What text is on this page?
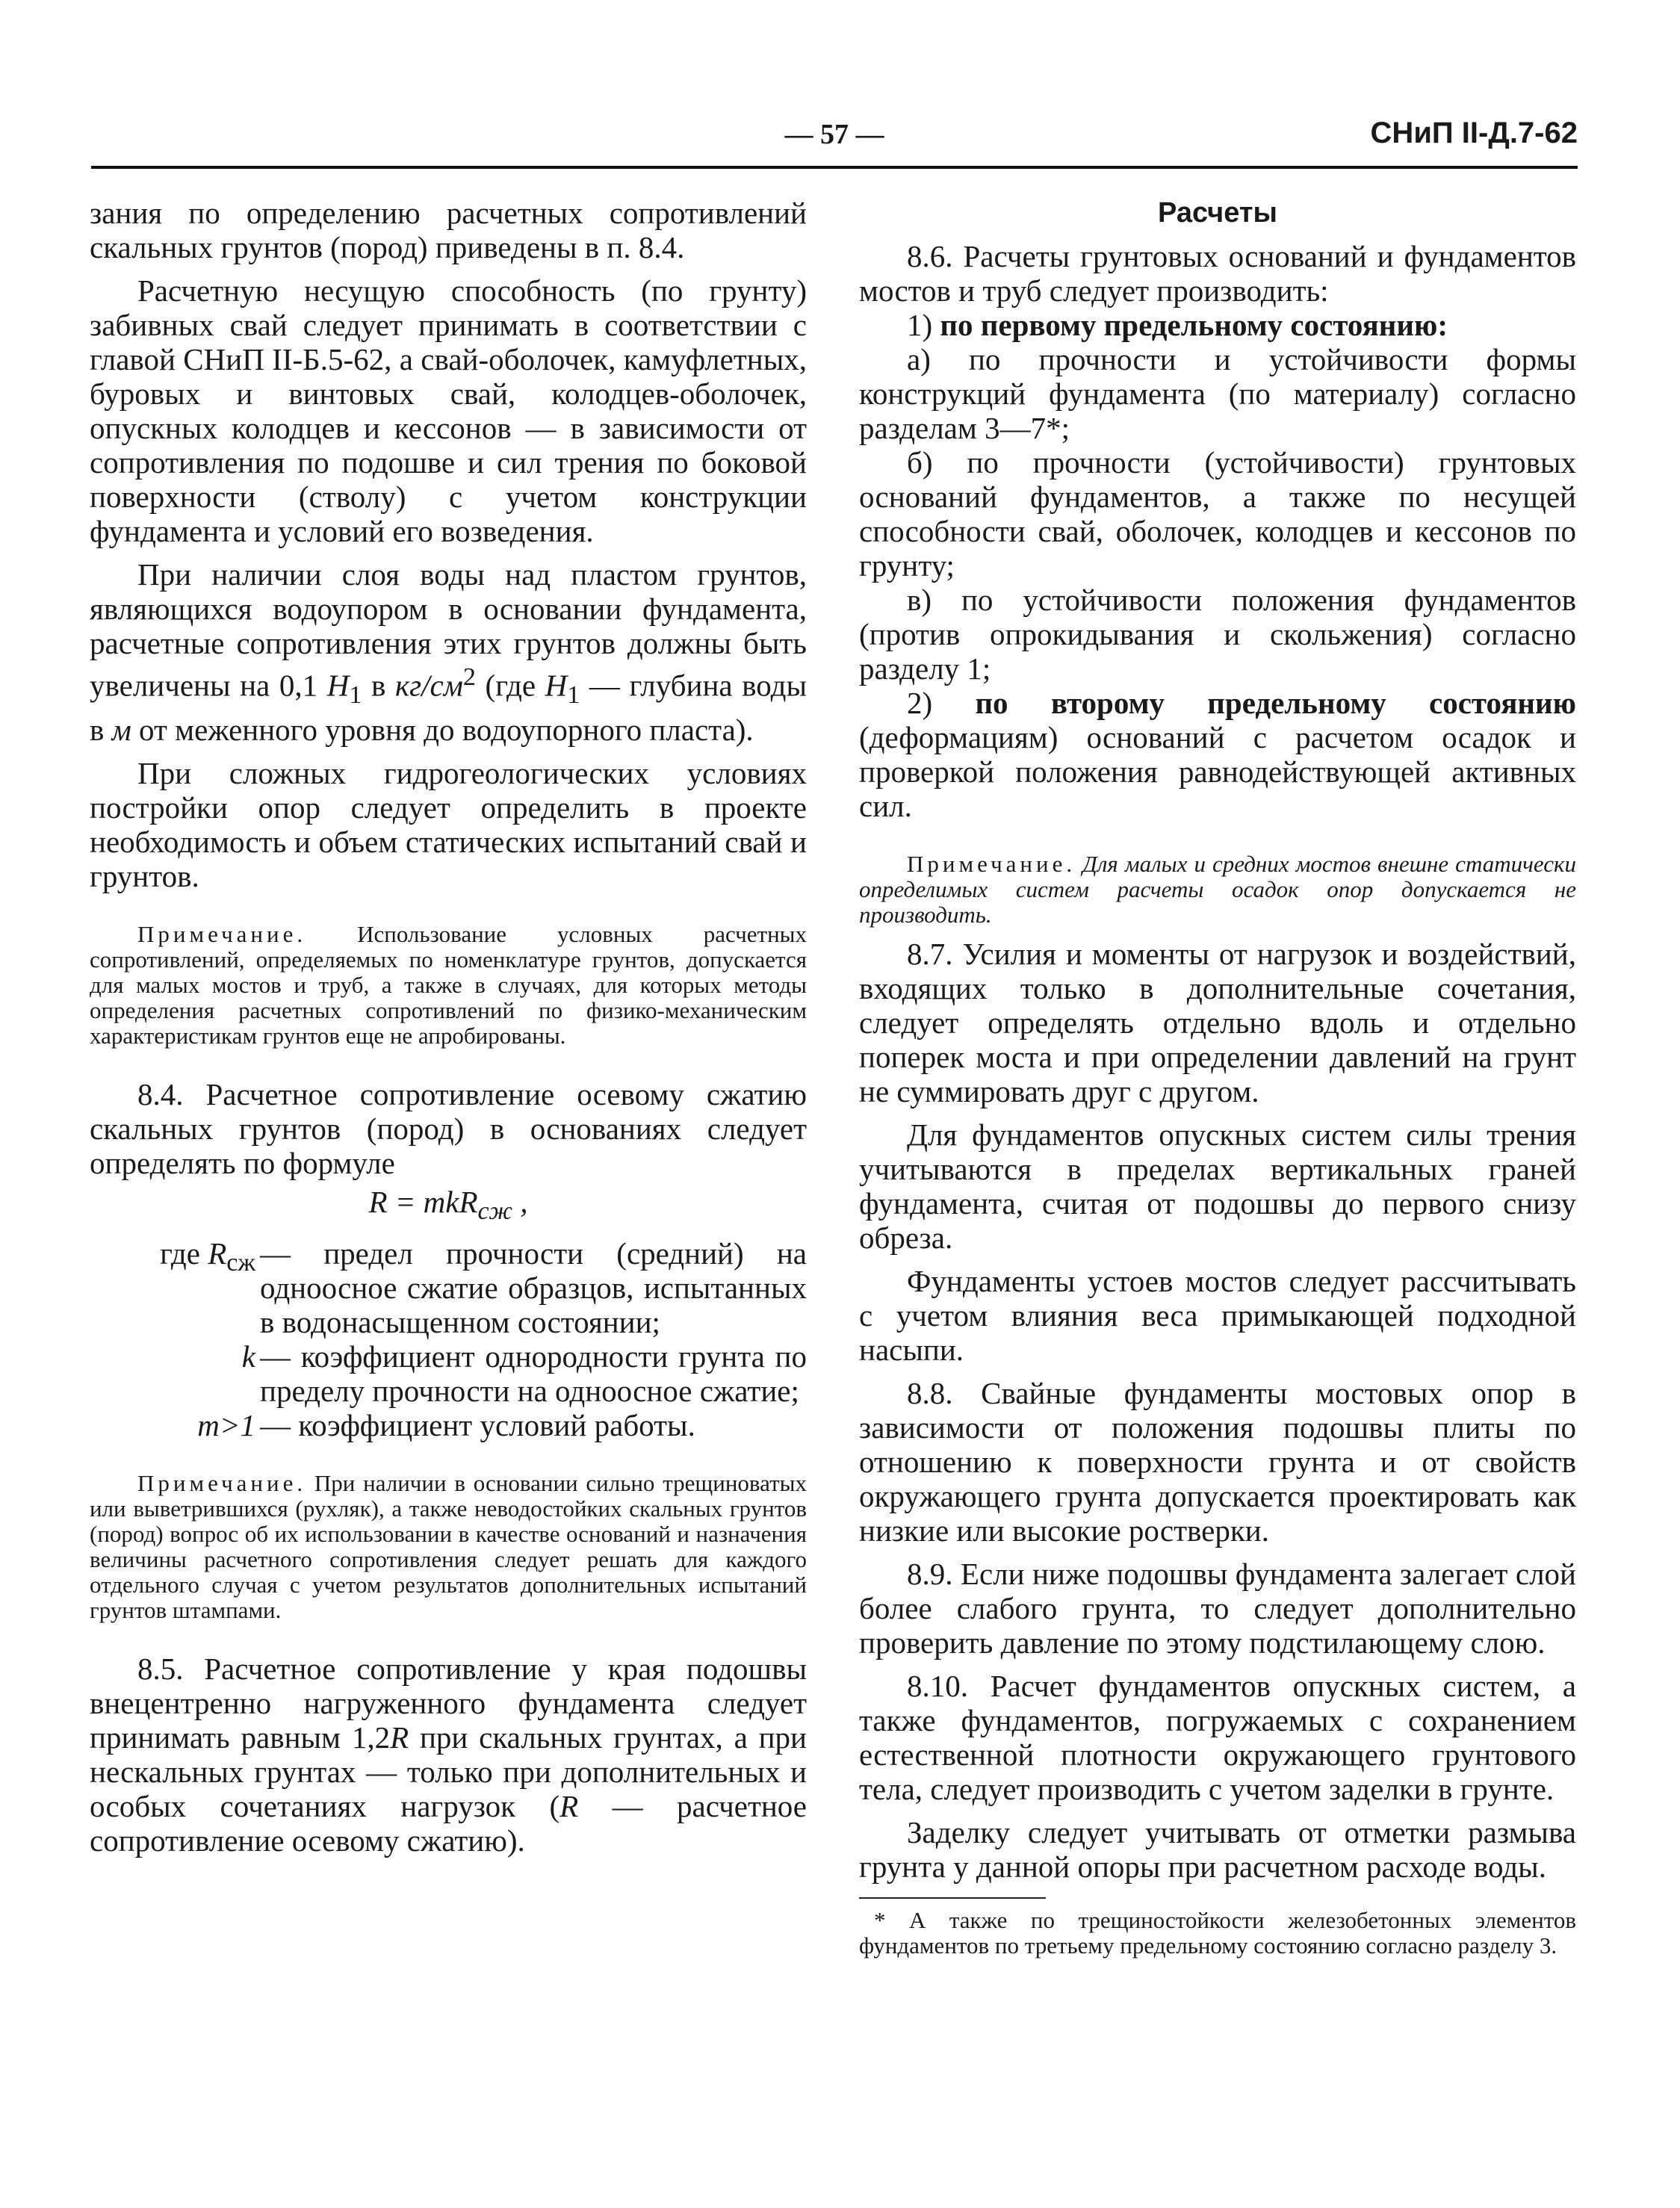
— 57 —	СНиП II-Д.7-62

зания по определению расчетных сопротивлений скальных грунтов (пород) приведены в п. 8.4.

Расчетную несущую способность (по грунту) забивных свай следует принимать в соответствии с главой СНиП II-Б.5-62, а свай-оболочек, камуфлетных, буровых и винтовых свай, колодцев-оболочек, опускных колодцев и кессонов — в зависимости от сопротивления по подошве и сил трения по боковой поверхности (стволу) с учетом конструкции фундамента и условий его возведения.

При наличии слоя воды над пластом грунтов, являющихся водоупором в основании фундамента, расчетные сопротивления этих грунтов должны быть увеличены на 0,1 $H_1$ в $кг/см^2$ (где $H_1$ — глубина воды в м от меженного уровня до водоупорного пласта).

При сложных гидрогеологических условиях постройки опор следует определить в проекте необходимость и объем статических испытаний свай и грунтов.

Примечание. Использование условных расчетных сопротивлений, определяемых по номенклатуре грунтов, допускается для малых мостов и труб, а также в случаях, для которых методы определения расчетных сопротивлений по физико-механическим характеристикам грунтов еще не апробированы.

8.4. Расчетное сопротивление осевому сжатию скальных грунтов (пород) в основаниях следует определять по формуле

R = mkR$_{сж}$ ,

где $R_{сж}$ — предел прочности (средний) на одноосное сжатие образцов, испытанных в водонасыщенном состоянии;
k — коэффициент однородности грунта по пределу прочности на одноосное сжатие;
m>1 — коэффициент условий работы.

Примечание. При наличии в основании сильно трещиноватых или выветрившихся (рухляк), а также неводостойких скальных грунтов (пород) вопрос об их использовании в качестве оснований и назначения величины расчетного сопротивления следует решать для каждого отдельного случая с учетом результатов дополнительных испытаний грунтов штампами.

8.5. Расчетное сопротивление у края подошвы внецентренно нагруженного фундамента следует принимать равным 1,2R при скальных грунтах, а при нескальных грунтах — только при дополнительных и особых сочетаниях нагрузок (R — расчетное сопротивление осевому сжатию).

Расчеты

8.6. Расчеты грунтовых оснований и фундаментов мостов и труб следует производить:

1) по первому предельному состоянию:

а) по прочности и устойчивости формы конструкций фундамента (по материалу) согласно разделам 3—7*;

б) по прочности (устойчивости) грунтовых оснований фундаментов, а также по несущей способности свай, оболочек, колодцев и кессонов по грунту;

в) по устойчивости положения фундаментов (против опрокидывания и скольжения) согласно разделу 1;

2) по второму предельному состоянию (деформациям) оснований с расчетом осадок и проверкой положения равнодействующей активных сил.

Примечание. Для малых и средних мостов внешне статически определимых систем расчеты осадок опор допускается не производить.

8.7. Усилия и моменты от нагрузок и воздействий, входящих только в дополнительные сочетания, следует определять отдельно вдоль и отдельно поперек моста и при определении давлений на грунт не суммировать друг с другом.

Для фундаментов опускных систем силы трения учитываются в пределах вертикальных граней фундамента, считая от подошвы до первого снизу обреза.

Фундаменты устоев мостов следует рассчитывать с учетом влияния веса примыкающей подходной насыпи.

8.8. Свайные фундаменты мостовых опор в зависимости от положения подошвы плиты по отношению к поверхности грунта и от свойств окружающего грунта допускается проектировать как низкие или высокие ростверки.

8.9. Если ниже подошвы фундамента залегает слой более слабого грунта, то следует дополнительно проверить давление по этому подстилающему слою.

8.10. Расчет фундаментов опускных систем, а также фундаментов, погружаемых с сохранением естественной плотности окружающего грунтового тела, следует производить с учетом заделки в грунте.

Заделку следует учитывать от отметки размыва грунта у данной опоры при расчетном расходе воды.

* А также по трещиностойкости железобетонных элементов фундаментов по третьему предельному состоянию согласно разделу 3.
